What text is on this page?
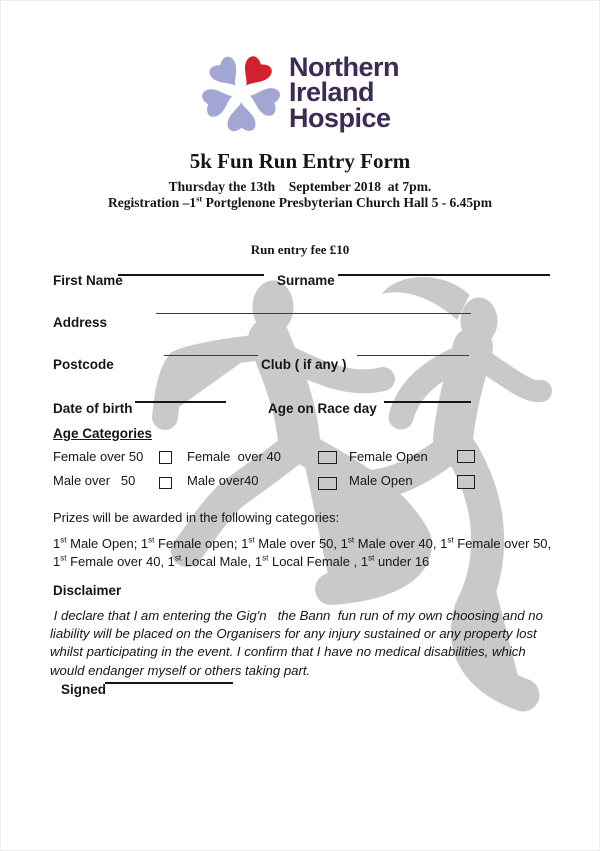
Northern
Ireland
Hospice
5k Fun Run Entry Form
Thursday the 13th    September 2018  at 7pm.
Registration –1st Portglenone Presbyterian Church Hall 5 - 6.45pm
Run entry fee £10
First Name	Surname
Address
Postcode	Club ( if any )
Date of birth	Age on Race day
Age Categories
Female over 50	Female  over 40	Female Open
Male over   50	Male over40	Male Open
Prizes will be awarded in the following categories:
1st Male Open; 1st Female open; 1st Male over 50, 1st Male over 40, 1st Female over 50, 1st Female over 40, 1st Local Male, 1st Local Female , 1st under 16
Disclaimer
I declare that I am entering the Gig'n   the Bann  fun run of my own choosing and no liability will be placed on the Organisers for any injury sustained or any property lost whilst participating in the event. I confirm that I have no medical disabilities, which would endanger myself or others taking part.
Signed
